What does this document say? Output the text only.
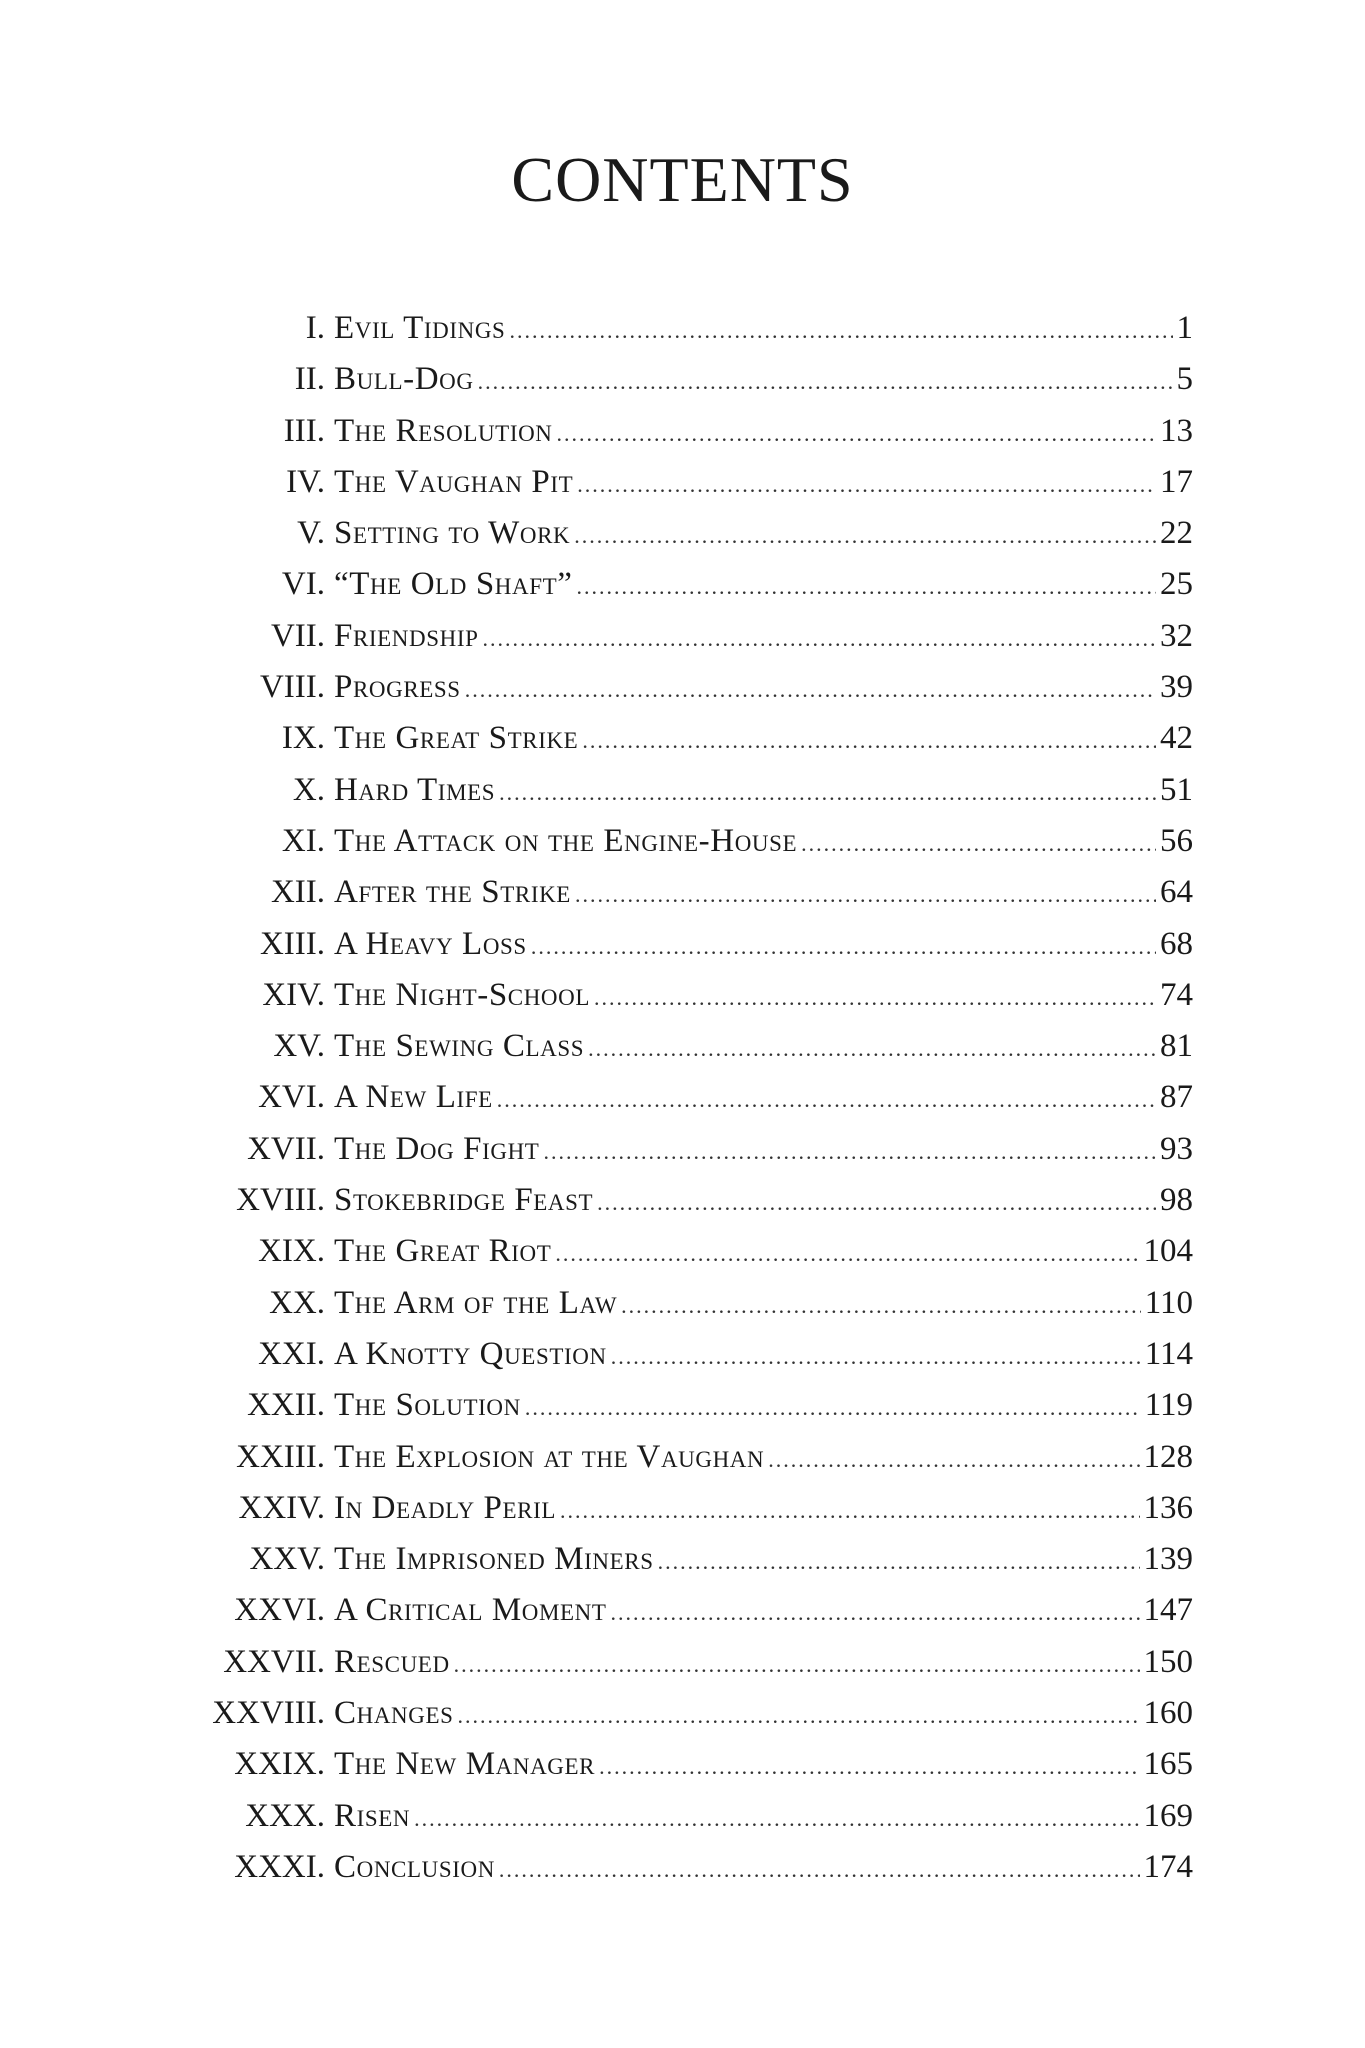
CONTENTS
I. Evil Tidings .....	1
II. Bull-Dog .....	5
III. The Resolution .....	13
IV. The Vaughan Pit .....	17
V. Setting to Work .....	22
VI. “The Old Shaft” .....	25
VII. Friendship .....	32
VIII. Progress .....	39
IX. The Great Strike .....	42
X. Hard Times .....	51
XI. The Attack on the Engine-House .....	56
XII. After the Strike .....	64
XIII. A Heavy Loss .....	68
XIV. The Night-School .....	74
XV. The Sewing Class .....	81
XVI. A New Life .....	87
XVII. The Dog Fight .....	93
XVIII. Stokebridge Feast .....	98
XIX. The Great Riot .....	104
XX. The Arm of the Law .....	110
XXI. A Knotty Question .....	114
XXII. The Solution .....	119
XXIII. The Explosion at the Vaughan .....	128
XXIV. In Deadly Peril .....	136
XXV. The Imprisoned Miners .....	139
XXVI. A Critical Moment .....	147
XXVII. Rescued .....	150
XXVIII. Changes .....	160
XXIX. The New Manager .....	165
XXX. Risen .....	169
XXXI. Conclusion .....	174
